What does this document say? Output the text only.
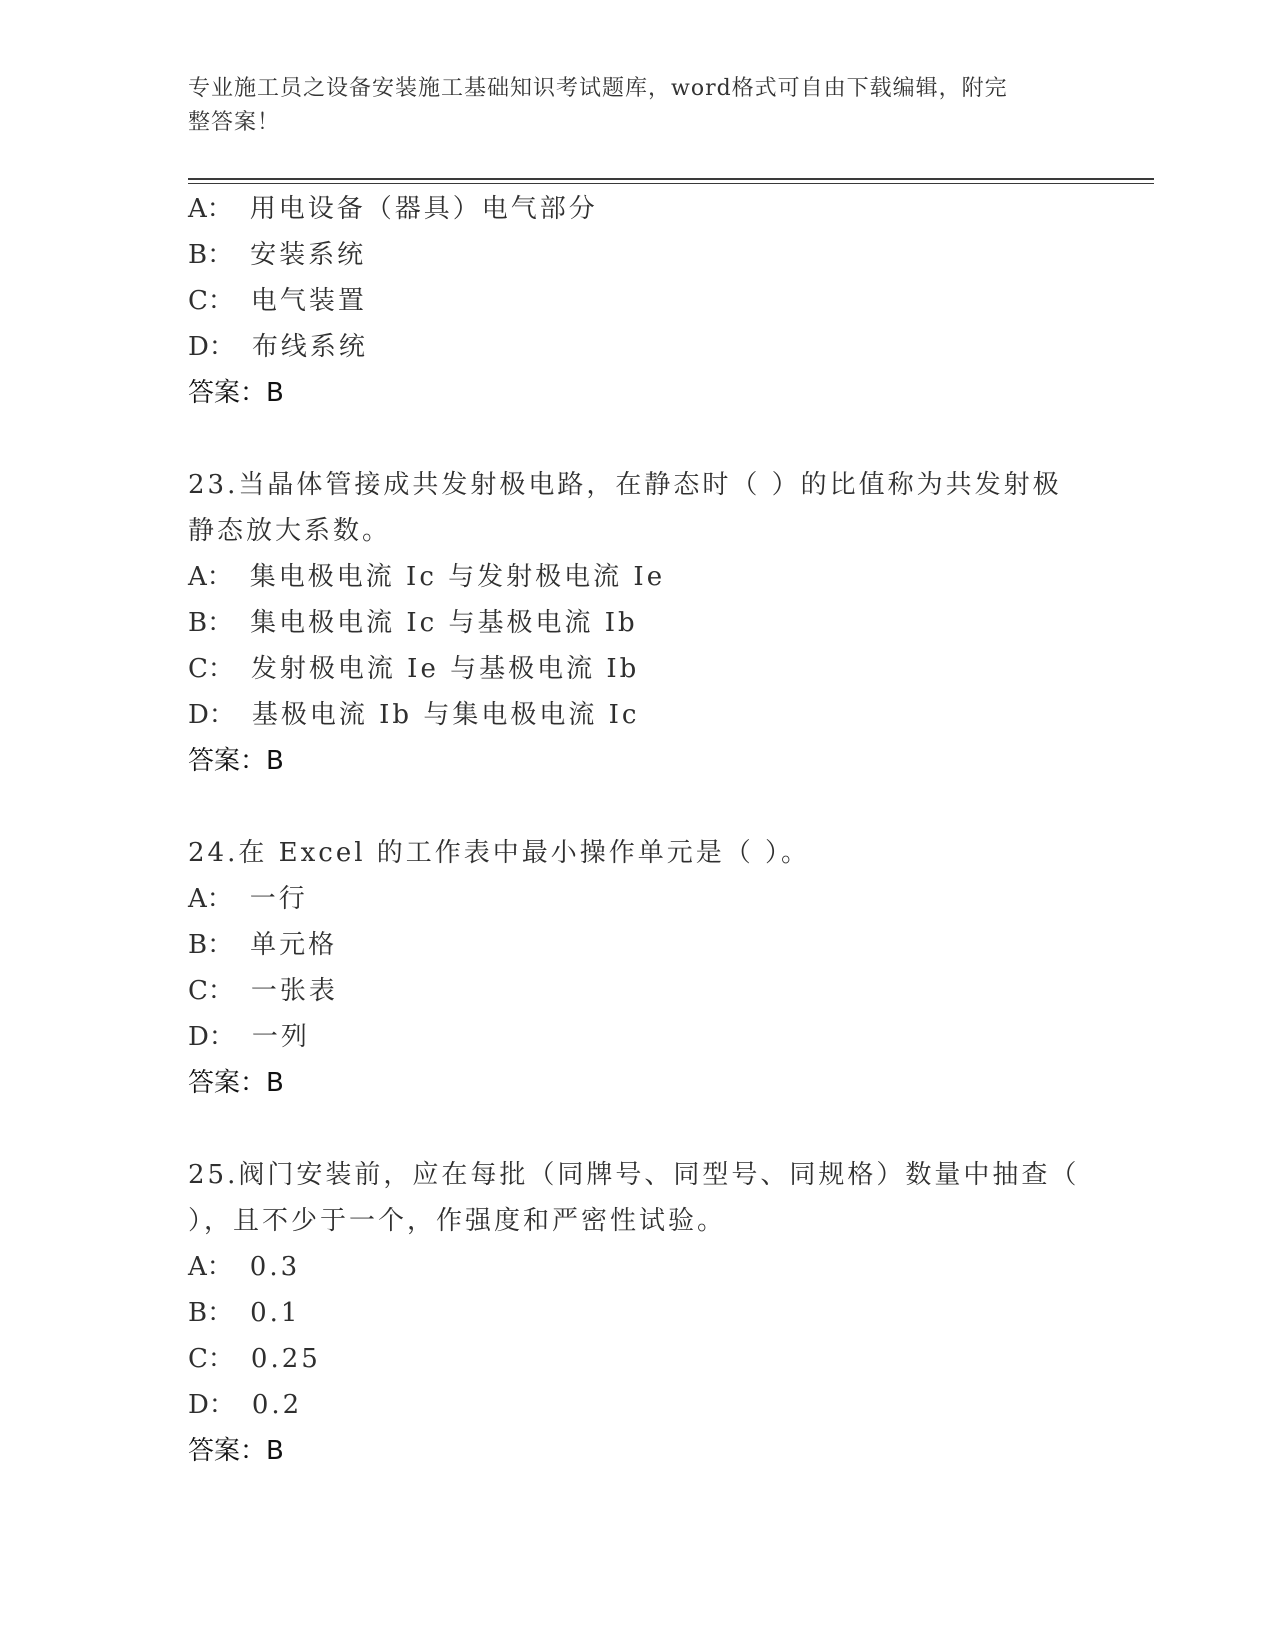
专业施工员之设备安装施工基础知识考试题库，word格式可自由下载编辑，附完
整答案！
A： 用电设备（器具）电气部分
B： 安装系统
C： 电气装置
D： 布线系统
答案：B
23.当晶体管接成共发射极电路，在静态时（ ）的比值称为共发射极
静态放大系数。
A： 集电极电流 Ic 与发射极电流 Ie
B： 集电极电流 Ic 与基极电流 Ib
C： 发射极电流 Ie 与基极电流 Ib
D： 基极电流 Ib 与集电极电流 Ic
答案：B
24.在 Excel 的工作表中最小操作单元是（ ）。
A： 一行
B： 单元格
C： 一张表
D： 一列
答案：B
25.阀门安装前，应在每批（同牌号、同型号、同规格）数量中抽查（
），且不少于一个，作强度和严密性试验。
A： 0.3
B： 0.1
C： 0.25
D： 0.2
答案：B
